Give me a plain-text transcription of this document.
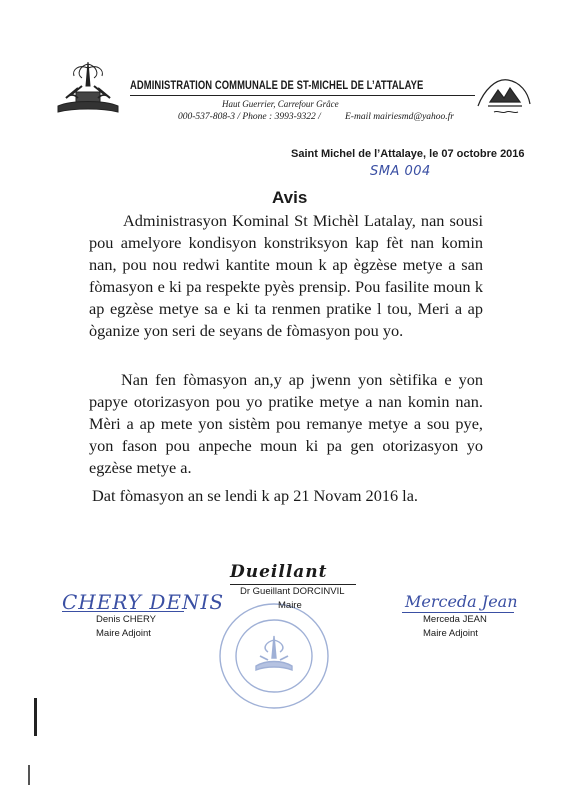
ADMINISTRATION COMMUNALE DE ST-MICHEL DE L’ATTALAYE
Haut Guerrier, Carrefour Grâce
000-537-808-3 / Phone : 3993-9322 /	E-mail mairiesmd@yahoo.fr
Saint Michel de l’Attalaye, le 07 octobre 2016
SMA 004
Avis
Administrasyon Kominal St Michèl Latalay, nan sousi pou amelyore kondisyon konstriksyon kap fèt nan komin nan, pou nou redwi kantite moun k ap ègzèse metye a san fòmasyon e ki pa respekte pyès prensip. Pou fasilite moun k ap egzèse metye sa e ki ta renmen pratike l tou, Meri a ap òganize yon seri de seyans de fòmasyon pou yo.
Nan fen fòmasyon an,y ap jwenn yon sètifika e yon papye otorizasyon pou yo pratike metye a nan komin nan. Mèri a ap mete yon sistèm pou remanye metye a sou pye, yon fason pou anpeche moun ki pa gen otorizasyon yo egzèse metye a.
Dat fòmasyon an se lendi k ap 21 Novam 2016 la.
Dueillant
Dr Gueillant DORCINVIL
Maire
CHERY DENIS
Denis CHERY
Maire Adjoint
Merceda Jean
Merceda JEAN
Maire Adjoint
